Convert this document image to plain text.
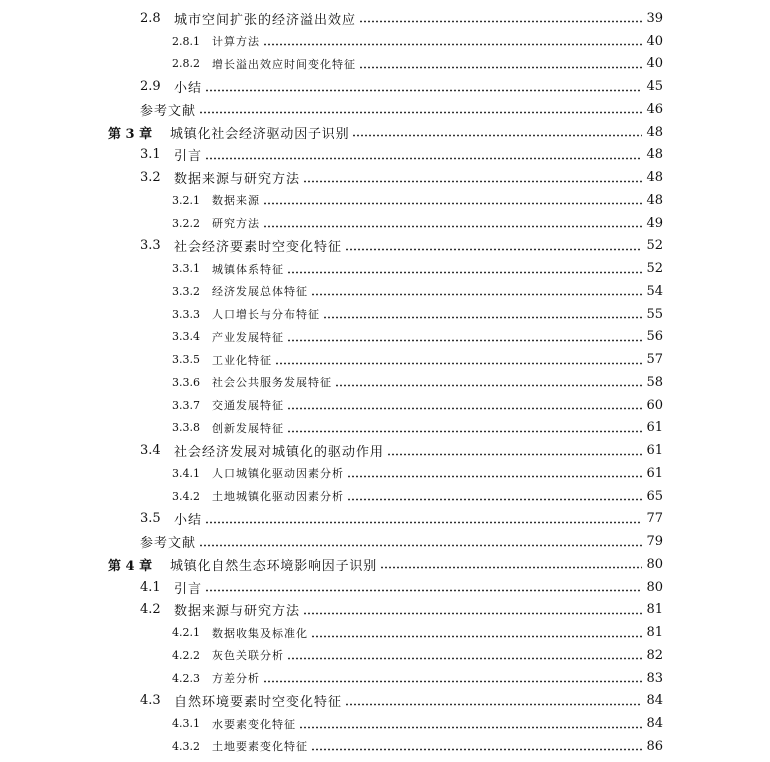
2.8	城市空间扩张的经济溢出效应	39
2.8.1	计算方法	40
2.8.2	增长溢出效应时间变化特征	40
2.9	小结	45
参考文献	46
第 3 章	城镇化社会经济驱动因子识别	48
3.1	引言	48
3.2	数据来源与研究方法	48
3.2.1	数据来源	48
3.2.2	研究方法	49
3.3	社会经济要素时空变化特征	52
3.3.1	城镇体系特征	52
3.3.2	经济发展总体特征	54
3.3.3	人口增长与分布特征	55
3.3.4	产业发展特征	56
3.3.5	工业化特征	57
3.3.6	社会公共服务发展特征	58
3.3.7	交通发展特征	60
3.3.8	创新发展特征	61
3.4	社会经济发展对城镇化的驱动作用	61
3.4.1	人口城镇化驱动因素分析	61
3.4.2	土地城镇化驱动因素分析	65
3.5	小结	77
参考文献	79
第 4 章	城镇化自然生态环境影响因子识别	80
4.1	引言	80
4.2	数据来源与研究方法	81
4.2.1	数据收集及标准化	81
4.2.2	灰色关联分析	82
4.2.3	方差分析	83
4.3	自然环境要素时空变化特征	84
4.3.1	水要素变化特征	84
4.3.2	土地要素变化特征	86
